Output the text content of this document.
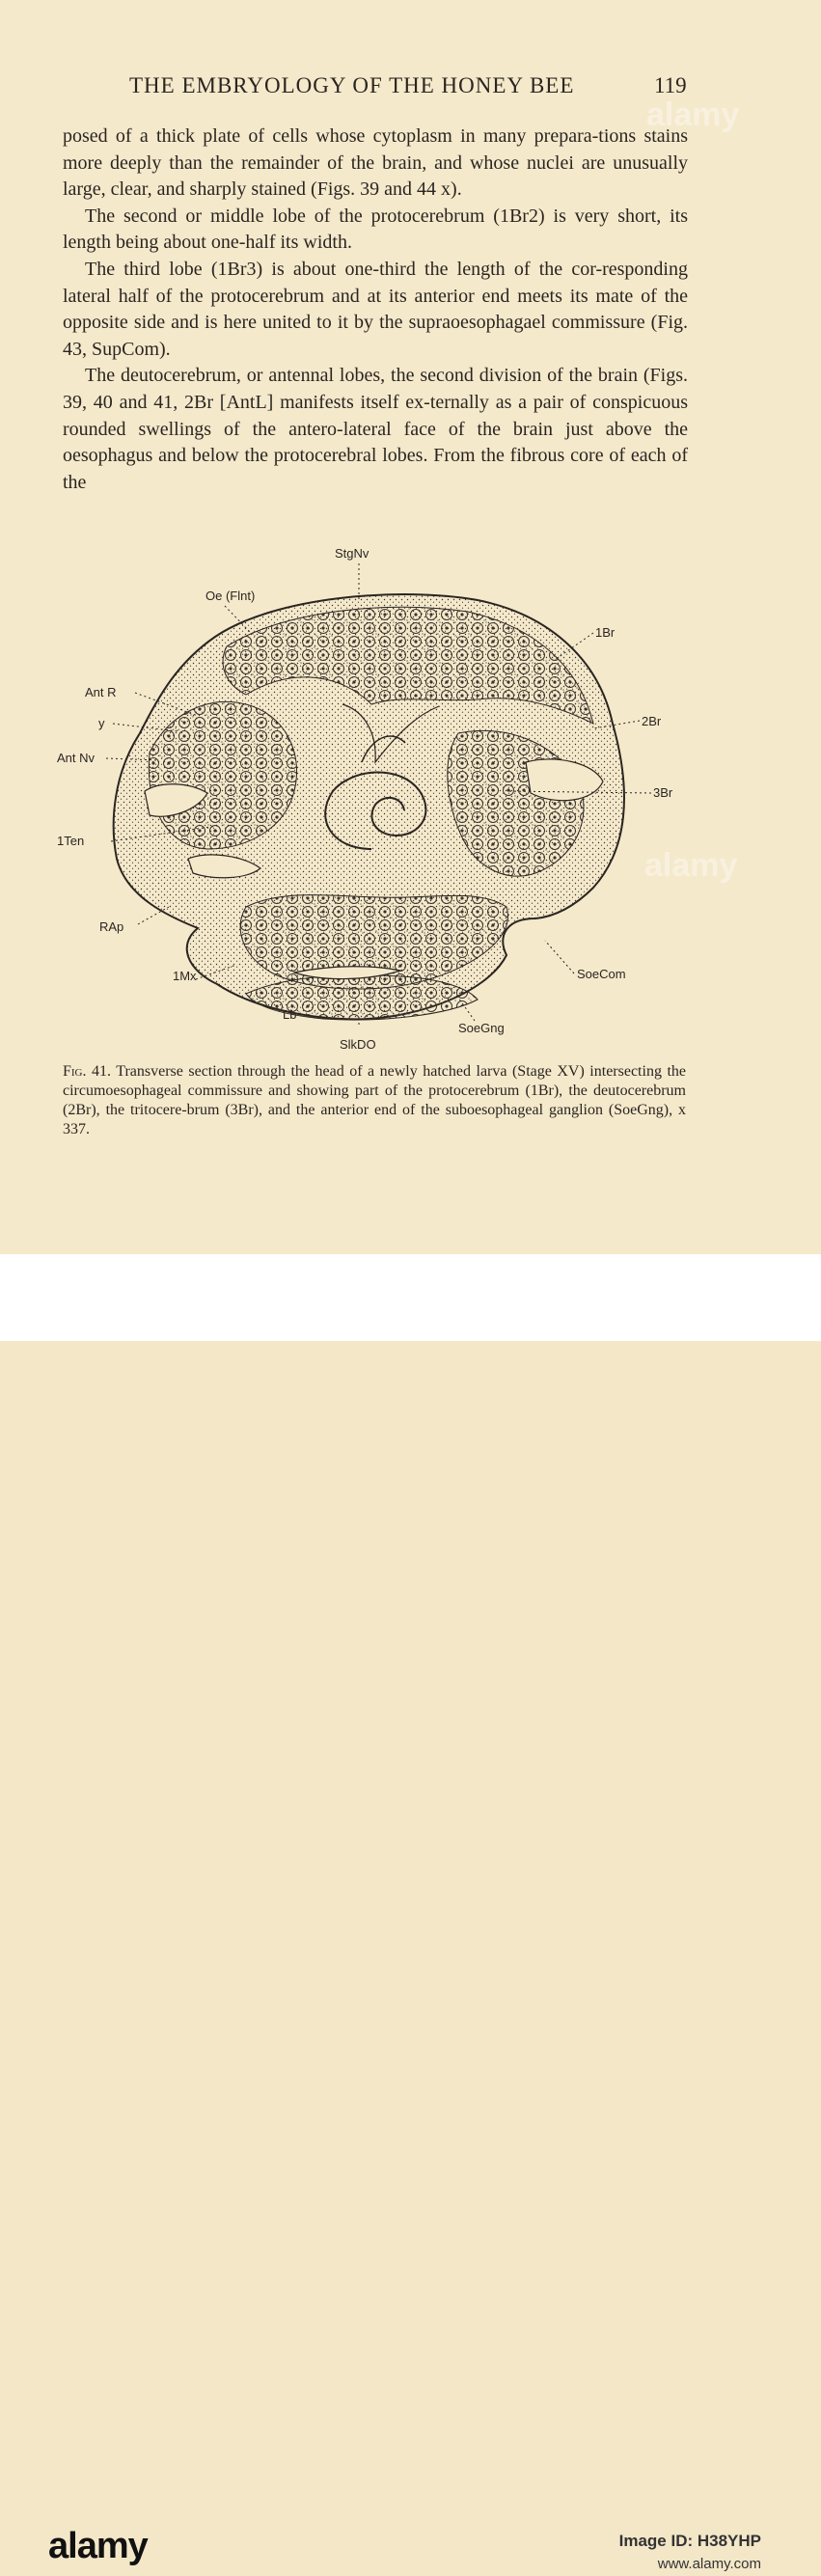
THE EMBRYOLOGY OF THE HONEY BEE	119

posed of a thick plate of cells whose cytoplasm in many prepara-tions stains more deeply than the remainder of the brain, and whose nuclei are unusually large, clear, and sharply stained (Figs. 39 and 44 x).

The second or middle lobe of the protocerebrum (1Br2) is very short, its length being about one-half its width.

The third lobe (1Br3) is about one-third the length of the cor-responding lateral half of the protocerebrum and at its anterior end meets its mate of the opposite side and is here united to it by the supraoesophagael commissure (Fig. 43, SupCom).

The deutocerebrum, or antennal lobes, the second division of the brain (Figs. 39, 40 and 41, 2Br [AntL] manifests itself ex-ternally as a pair of conspicuous rounded swellings of the antero-lateral face of the brain just above the oesophagus and below the protocerebral lobes. From the fibrous core of each of the

StgNv
Oe (Flnt)
1Br
Ant R
y	2Br
Ant Nv
3Br
1Ten
RAp
1Mx	SoeCom
Lb
SoeGng
SlkDO
Fig. 41. Transverse section through the head of a newly hatched larva (Stage XV) intersecting the circumoesophageal commissure and showing part of the protocerebrum (1Br), the deutocerebrum (2Br), the tritocere-brum (3Br), and the anterior end of the suboesophageal ganglion (SoeGng), x 337.
alamy
alamy
alamy	Image ID: H38YHP
www.alamy.com
